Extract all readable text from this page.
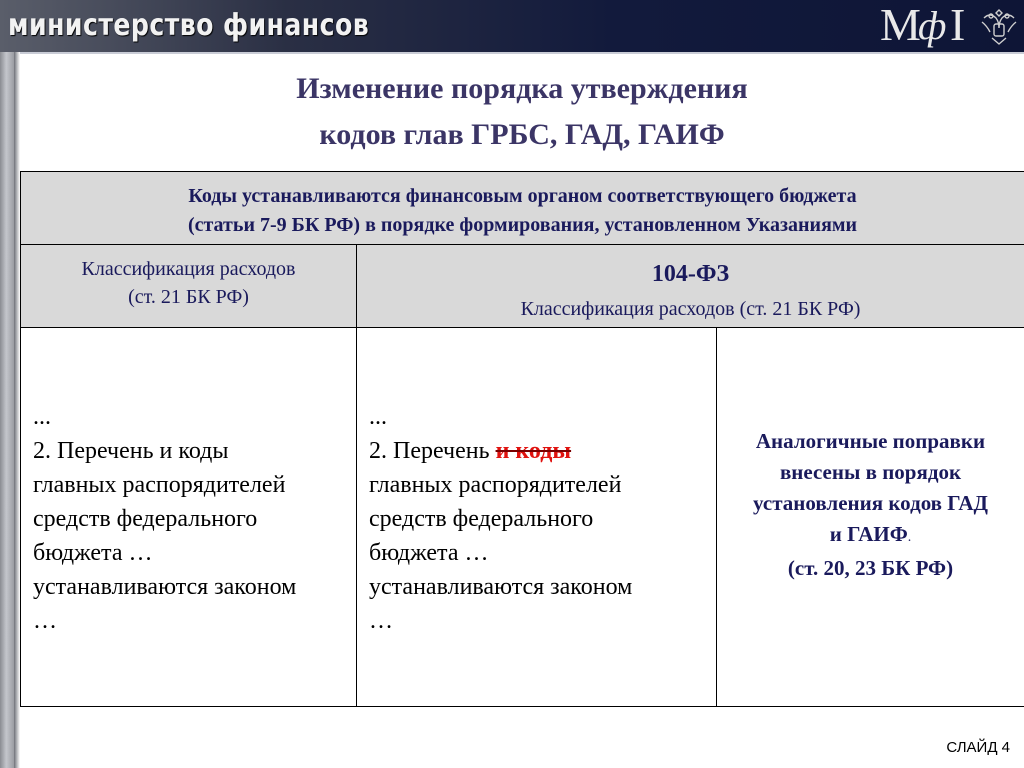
министерство финансов	М
ф Ӏ
Изменение порядка утверждения
кодов глав ГРБС, ГАД, ГАИФ
Коды устанавливаются финансовым органом соответствующего бюджета
(статьи 7-9 БК РФ) в порядке формирования, установленном Указаниями
Классификация расходов
(ст. 21 БК РФ)
104-ФЗ
Классификация расходов (ст. 21 БК РФ)
...
2. Перечень и коды
главных распорядителей
средств федерального
бюджета …
устанавливаются законом
…
...
2. Перечень и коды
главных распорядителей
средств федерального
бюджета …
устанавливаются законом
…
Аналогичные поправки
внесены в порядок
установления кодов ГАД
и ГАИФ.
(ст. 20, 23 БК РФ)
СЛАЙД 4
